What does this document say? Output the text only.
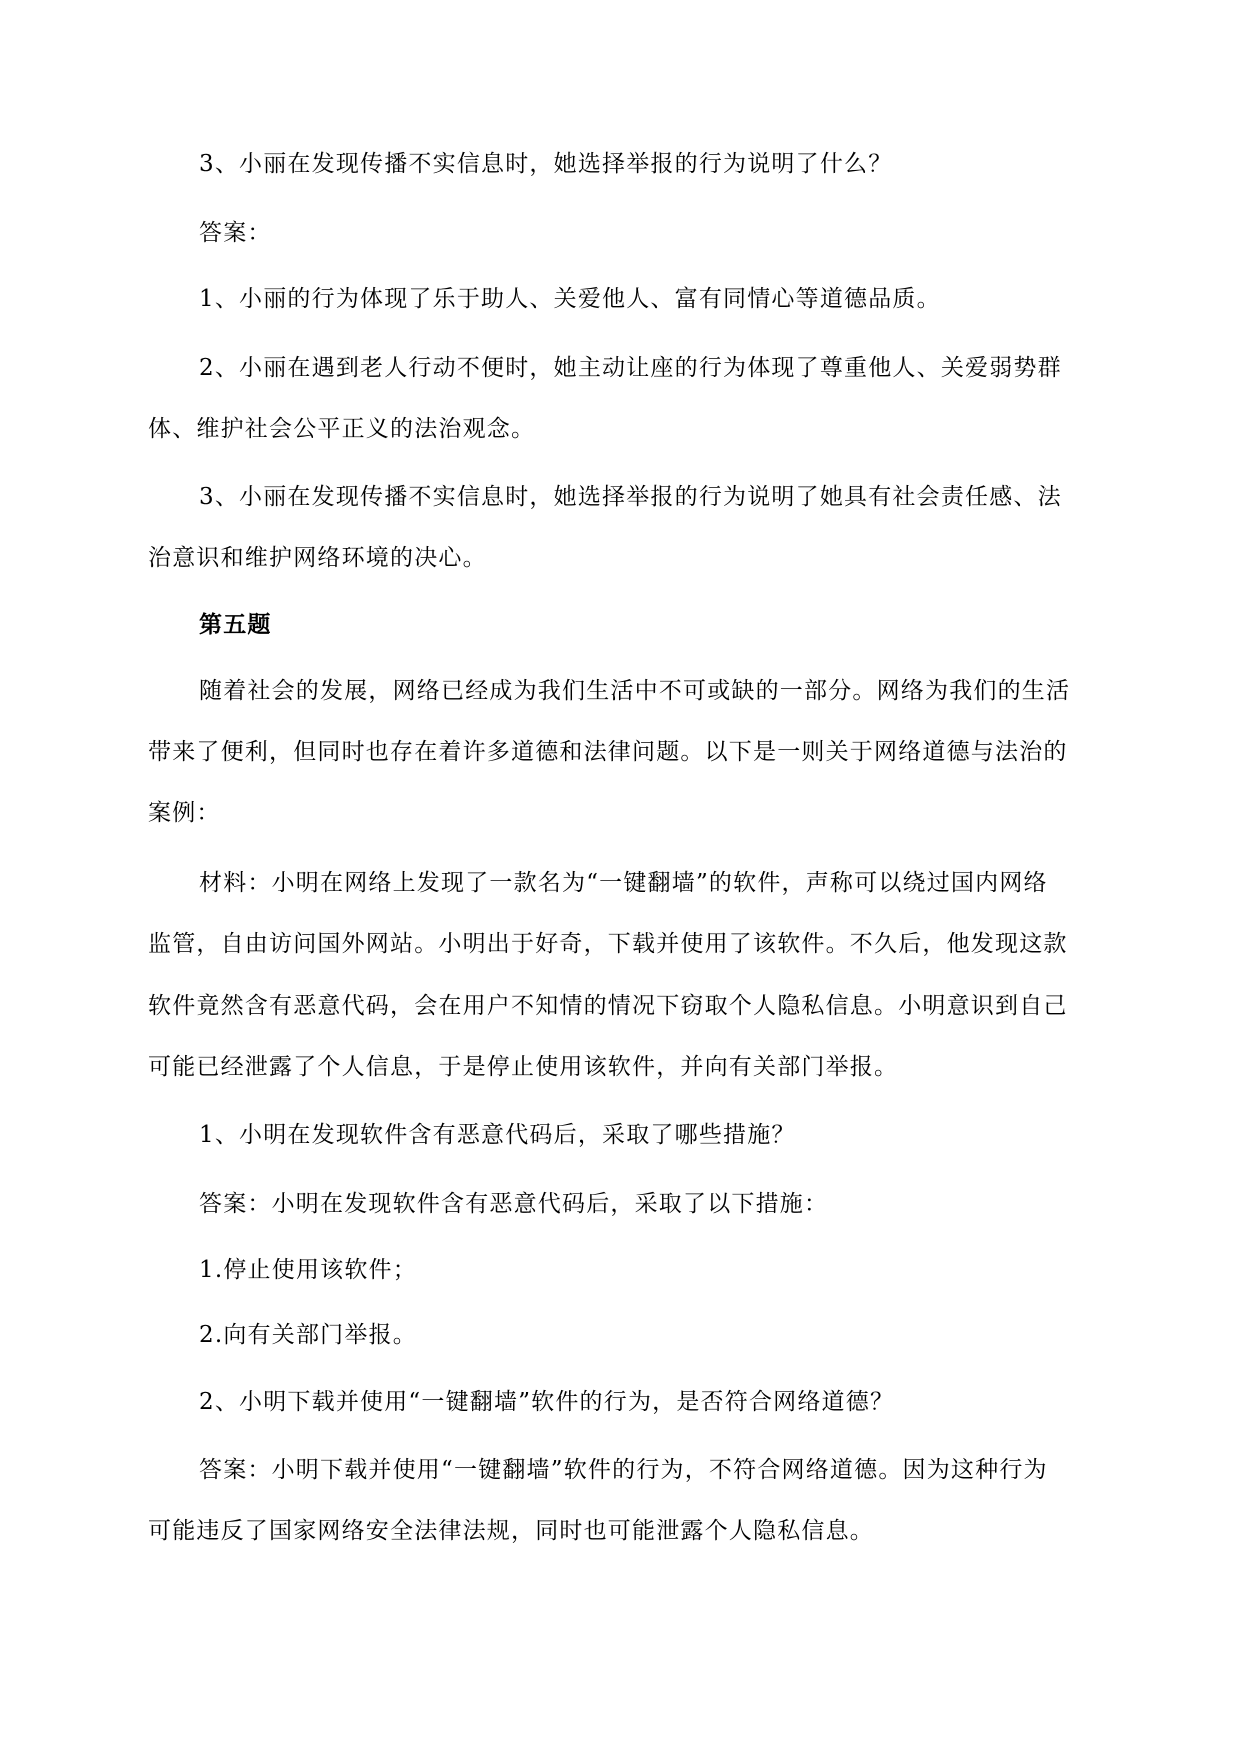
3、小丽在发现传播不实信息时，她选择举报的行为说明了什么？
答案：
1、小丽的行为体现了乐于助人、关爱他人、富有同情心等道德品质。
2、小丽在遇到老人行动不便时，她主动让座的行为体现了尊重他人、关爱弱势群
体、维护社会公平正义的法治观念。
3、小丽在发现传播不实信息时，她选择举报的行为说明了她具有社会责任感、法
治意识和维护网络环境的决心。
第五题
随着社会的发展，网络已经成为我们生活中不可或缺的一部分。网络为我们的生活
带来了便利，但同时也存在着许多道德和法律问题。以下是一则关于网络道德与法治的
案例：
材料：小明在网络上发现了一款名为“一键翻墙”的软件，声称可以绕过国内网络
监管，自由访问国外网站。小明出于好奇，下载并使用了该软件。不久后，他发现这款
软件竟然含有恶意代码，会在用户不知情的情况下窃取个人隐私信息。小明意识到自己
可能已经泄露了个人信息，于是停止使用该软件，并向有关部门举报。
1、小明在发现软件含有恶意代码后，采取了哪些措施？
答案：小明在发现软件含有恶意代码后，采取了以下措施：
1.停止使用该软件；
2.向有关部门举报。
2、小明下载并使用“一键翻墙”软件的行为，是否符合网络道德？
答案：小明下载并使用“一键翻墙”软件的行为，不符合网络道德。因为这种行为
可能违反了国家网络安全法律法规，同时也可能泄露个人隐私信息。
